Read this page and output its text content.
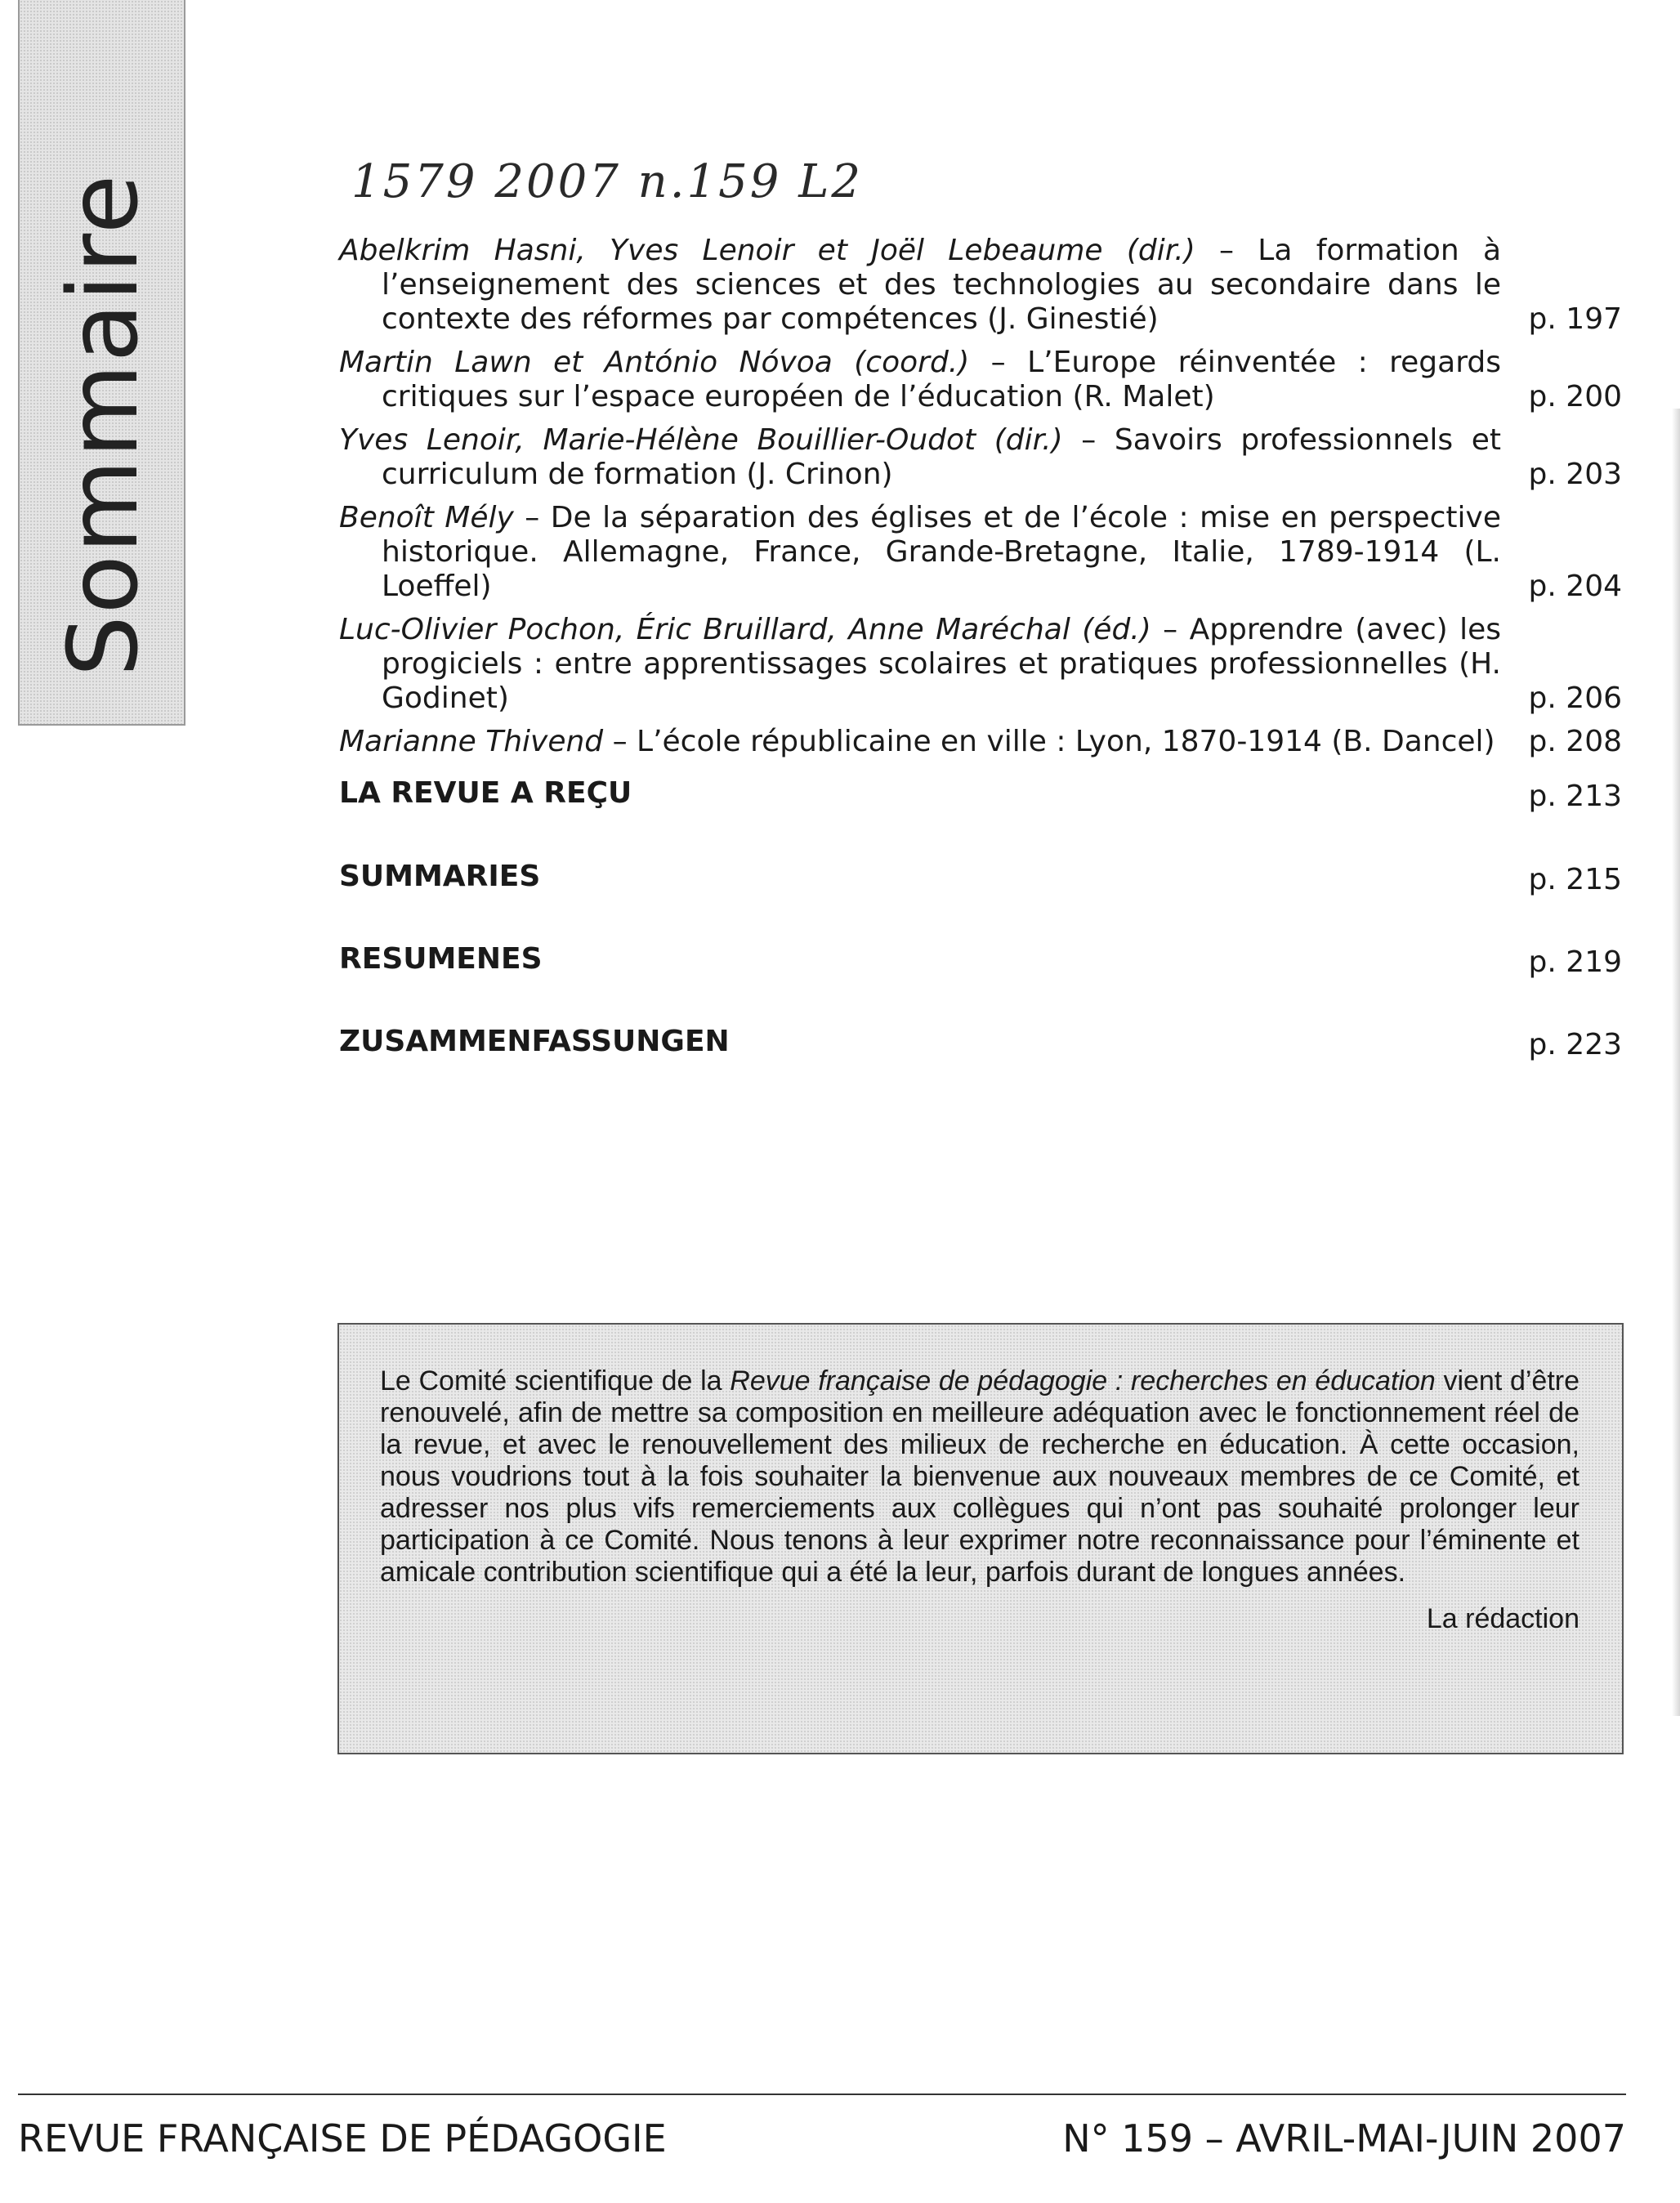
Sommaire	1579 2007 n.159 L2
Abelkrim Hasni, Yves Lenoir et Joël Lebeaume (dir.) – La formation à l’enseignement des sciences et des technologies au secondaire dans le contexte des réformes par compétences (J. Ginestié)	p. 197
Martin Lawn et António Nóvoa (coord.) – L’Europe réinventée : regards critiques sur l’espace européen de l’éducation (R. Malet)	p. 200
Yves Lenoir, Marie-Hélène Bouillier-Oudot (dir.) – Savoirs professionnels et curriculum de formation (J. Crinon)	p. 203
Benoît Mély – De la séparation des églises et de l’école : mise en perspective historique. Allemagne, France, Grande-Bretagne, Italie, 1789-1914 (L. Loeffel)	p. 204
Luc-Olivier Pochon, Éric Bruillard, Anne Maréchal (éd.) – Apprendre (avec) les progiciels : entre apprentissages scolaires et pratiques professionnelles (H. Godinet)	p. 206
Marianne Thivend – L’école républicaine en ville : Lyon, 1870-1914 (B. Dancel) p. 208
LA REVUE A REÇU	p. 213
SUMMARIES	p. 215
RESUMENES	p. 219
ZUSAMMENFASSUNGEN	p. 223
Le Comité scientifique de la Revue française de pédagogie : recherches en éducation vient d’être renouvelé, afin de mettre sa composition en meilleure adéquation avec le fonctionnement réel de la revue, et avec le renouvellement des milieux de recherche en éducation. À cette occasion, nous voudrions tout à la fois souhaiter la bienvenue aux nouveaux membres de ce Comité, et adresser nos plus vifs remerciements aux collègues qui n’ont pas souhaité prolonger leur participation à ce Comité. Nous tenons à leur exprimer notre reconnaissance pour l’éminente et amicale contribution scientifique qui a été la leur, parfois durant de longues années.
La rédaction
REVUE FRANÇAISE DE PÉDAGOGIE	N° 159 – AVRIL-MAI-JUIN 2007
